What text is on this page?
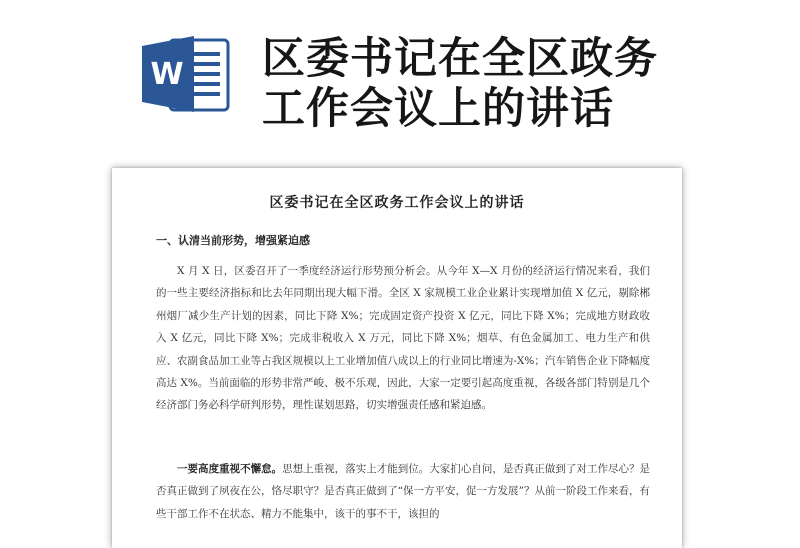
W 区委书记在全区政务
工作会议上的讲话
区委书记在全区政务工作会议上的讲话
一、认清当前形势，增强紧迫感

X 月 X 日，区委召开了一季度经济运行形势预分析会。从今年 X—X 月份的经济运行情况来看，我们的一些主要经济指标和比去年同期出现大幅下滑。全区 X 家规模工业企业累计实现增加值 X 亿元，剔除郴州烟厂减少生产计划的因素，同比下降 X%；完成固定资产投资 X 亿元，同比下降 X%；完成地方财政收入 X 亿元，同比下降 X%；完成非税收入 X 万元，同比下降 X%；烟草、有色金属加工、电力生产和供应、农副食品加工业等占我区规模以上工业增加值八成以上的行业同比增速为-X%；汽车销售企业下降幅度高达 X%。当前面临的形势非常严峻、极不乐观，因此，大家一定要引起高度重视，各级各部门特别是几个经济部门务必科学研判形势，理性谋划思路，切实增强责任感和紧迫感。

一要高度重视不懈怠。思想上重视，落实上才能到位。大家扪心自问，是否真正做到了对工作尽心？是否真正做到了夙夜在公，恪尽职守？是否真正做到了“保一方平安，促一方发展”？从前一阶段工作来看，有些干部工作不在状态、精力不能集中，该干的事不干，该担的
